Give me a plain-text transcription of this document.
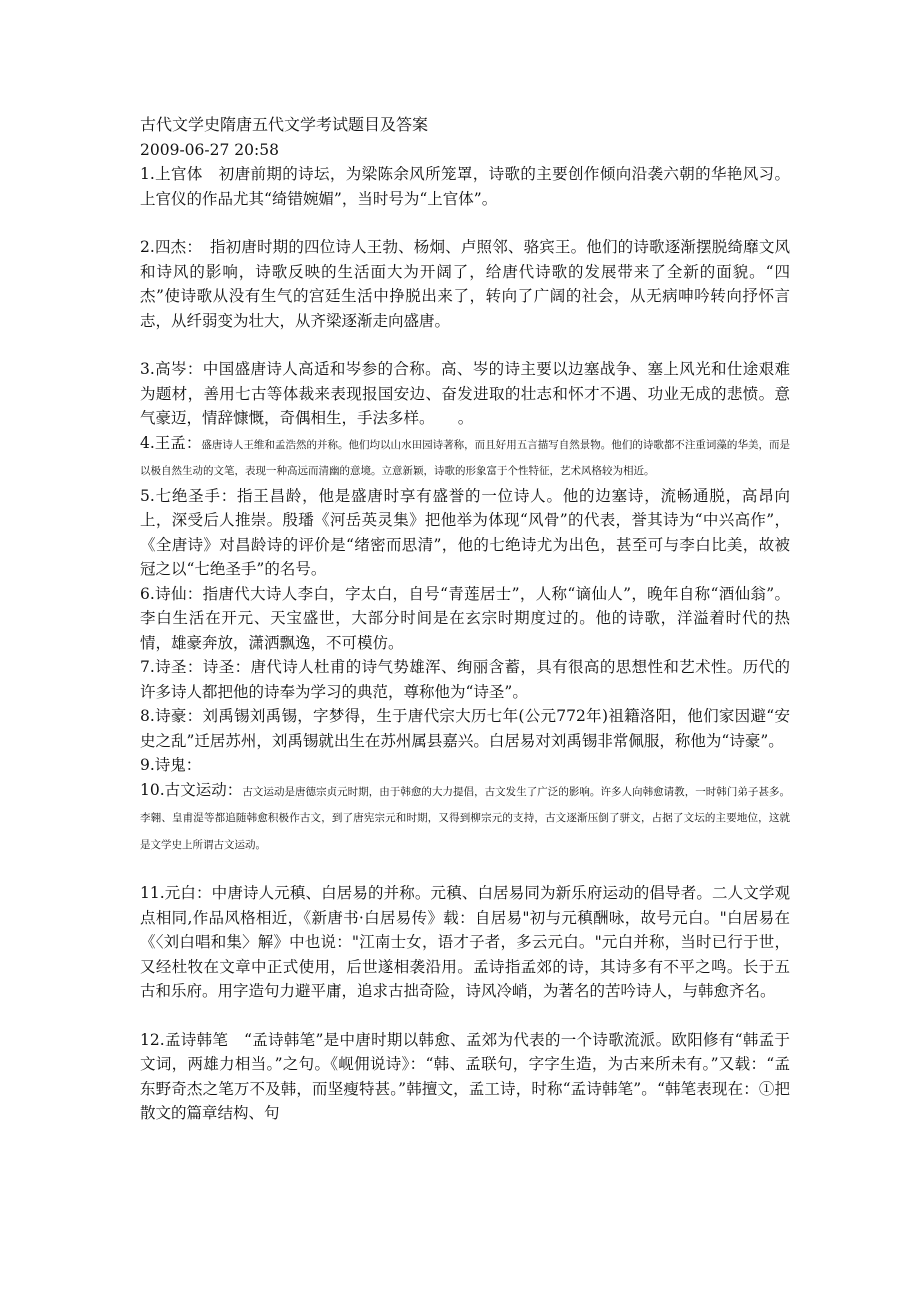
古代文学史隋唐五代文学考试题目及答案

2009-06-27 20:58

1.上官体　初唐前期的诗坛，为梁陈余风所笼罩，诗歌的主要创作倾向沿袭六朝的华艳风习。上官仪的作品尤其“绮错婉媚”，当时号为“上官体”。

2.四杰：　指初唐时期的四位诗人王勃、杨炯、卢照邻、骆宾王。他们的诗歌逐渐摆脱绮靡文风和诗风的影响，诗歌反映的生活面大为开阔了，给唐代诗歌的发展带来了全新的面貌。“四杰”使诗歌从没有生气的宫廷生活中挣脱出来了，转向了广阔的社会，从无病呻吟转向抒怀言志，从纤弱变为壮大，从齐梁逐渐走向盛唐。

3.高岑：中国盛唐诗人高适和岑参的合称。高、岑的诗主要以边塞战争、塞上风光和仕途艰难为题材，善用七古等体裁来表现报国安边、奋发进取的壮志和怀才不遇、功业无成的悲愤。意气豪迈，情辞慷慨，奇偶相生，手法多样。　　。

4.王孟：盛唐诗人王维和孟浩然的并称。他们均以山水田园诗著称，而且好用五言描写自然景物。他们的诗歌都不注重词藻的华美，而是以极自然生动的文笔，表现一种高远而清幽的意境。立意新颖，诗歌的形象富于个性特征，艺术风格较为相近。

5.七绝圣手：指王昌龄，他是盛唐时享有盛誉的一位诗人。他的边塞诗，流畅通脱，高昂向上，深受后人推崇。殷璠《河岳英灵集》把他举为体现“风骨”的代表，誉其诗为“中兴高作”，《全唐诗》对昌龄诗的评价是“绪密而思清”，他的七绝诗尤为出色，甚至可与李白比美，故被冠之以“七绝圣手”的名号。

6.诗仙：指唐代大诗人李白，字太白，自号“青莲居士”，人称“谪仙人”，晚年自称“酒仙翁”。李白生活在开元、天宝盛世，大部分时间是在玄宗时期度过的。他的诗歌，洋溢着时代的热情，雄豪奔放，潇洒飘逸，不可模仿。

7.诗圣：诗圣：唐代诗人杜甫的诗气势雄浑、绚丽含蓄，具有很高的思想性和艺术性。历代的许多诗人都把他的诗奉为学习的典范，尊称他为“诗圣”。

8.诗豪：刘禹锡刘禹锡，字梦得，生于唐代宗大历七年(公元772年)祖籍洛阳，他们家因避“安史之乱”迁居苏州，刘禹锡就出生在苏州属县嘉兴。白居易对刘禹锡非常佩服，称他为“诗豪”。

9.诗鬼：

10.古文运动：古文运动是唐德宗贞元时期，由于韩愈的大力提倡，古文发生了广泛的影响。许多人向韩愈请教，一时韩门弟子甚多。李翱、皇甫湜等都追随韩愈积极作古文，到了唐宪宗元和时期，又得到柳宗元的支持，古文逐渐压倒了骈文，占据了文坛的主要地位，这就是文学史上所谓古文运动。

11.元白：中唐诗人元稹、白居易的并称。元稹、白居易同为新乐府运动的倡导者。二人文学观点相同,作品风格相近，《新唐书·白居易传》载：自居易"初与元稹酬咏，故号元白。"白居易在《〈刘白唱和集〉解》中也说："江南士女，语才子者，多云元白。"元白并称，当时已行于世，又经杜牧在文章中正式使用，后世遂相袭沿用。孟诗指孟郊的诗，其诗多有不平之鸣。长于五古和乐府。用字造句力避平庸，追求古拙奇险，诗风冷峭，为著名的苦吟诗人，与韩愈齐名。

12.孟诗韩笔　“孟诗韩笔”是中唐时期以韩愈、孟郊为代表的一个诗歌流派。欧阳修有“韩孟于文词，两雄力相当。”之句。《岘佣说诗》：“韩、孟联句，字字生造，为古来所未有。”又载：“孟东野奇杰之笔万不及韩，而坚瘦特甚。”韩擅文，孟工诗，时称“孟诗韩笔”。“韩笔表现在：①把散文的篇章结构、句
